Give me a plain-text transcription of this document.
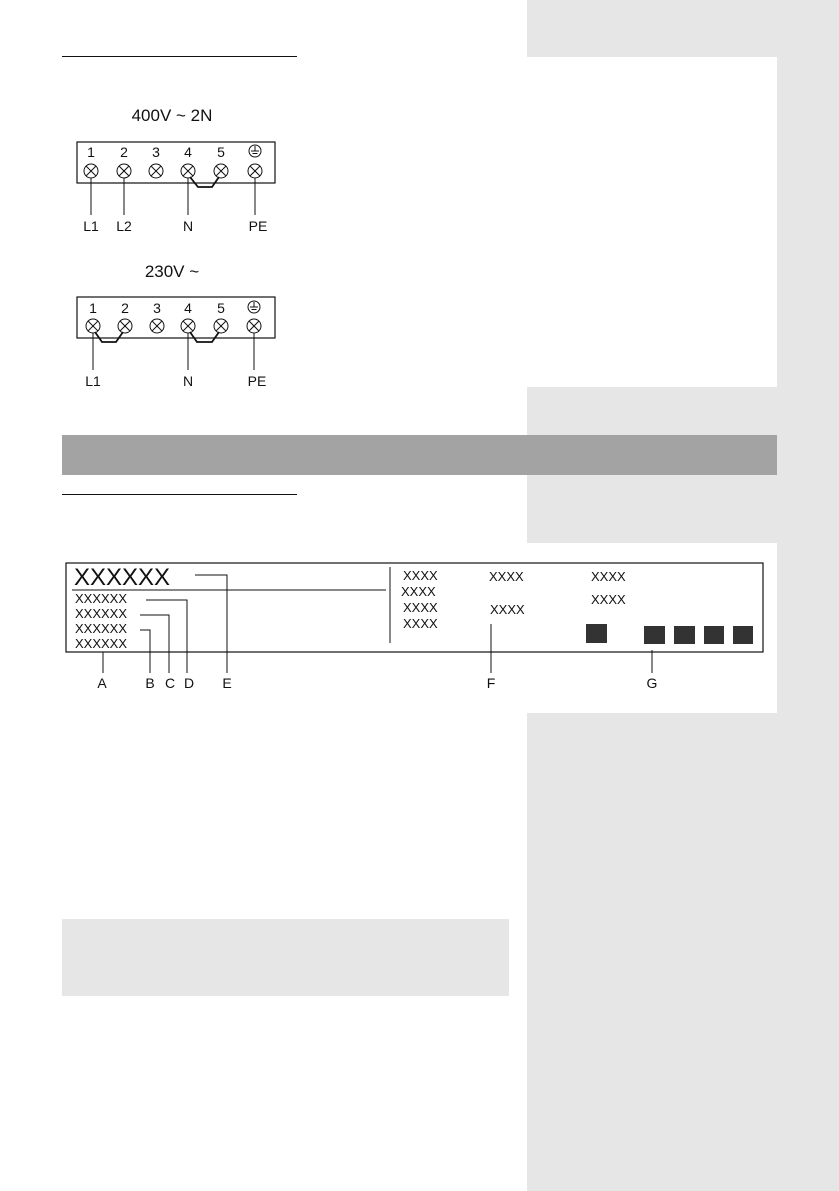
400V ~ 2N
1 2 3 4 5
L1 L2	N	PE
230V ~
1 2 3 4 5
L1	N	PE
XXXXXX
XXXXXX
XXXXXX
XXXXXX
XXXXXX
XXXX
XXXX
XXXX
XXXX
XXXX
XXXX
XXXX
XXXX
A	B C D E	F	G
